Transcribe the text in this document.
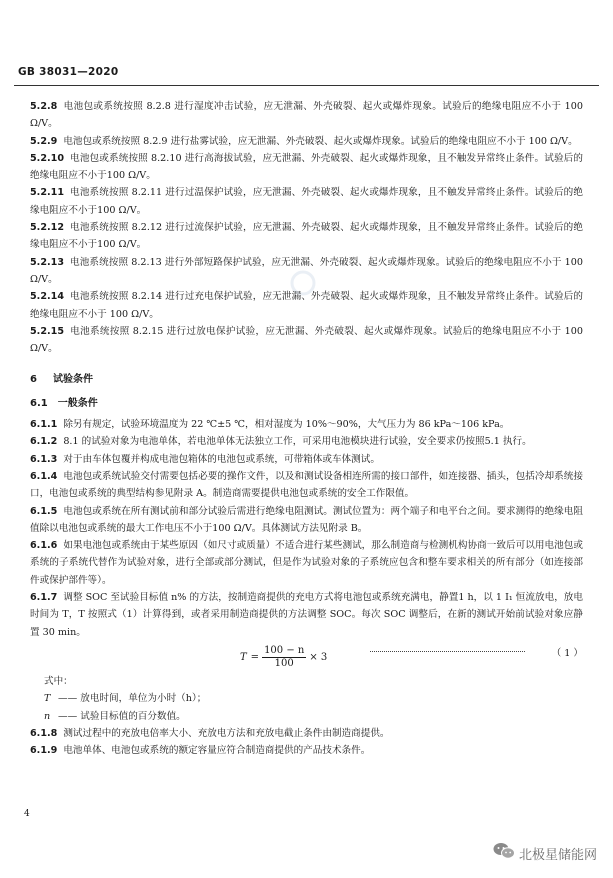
GB 38031—2020

5.2.8 电池包或系统按照 8.2.8 进行湿度冲击试验，应无泄漏、外壳破裂、起火或爆炸现象。试验后的绝缘电阻应不小于 100 Ω/V。

5.2.9 电池包或系统按照 8.2.9 进行盐雾试验，应无泄漏、外壳破裂、起火或爆炸现象。试验后的绝缘电阻应不小于 100 Ω/V。

5.2.10 电池包或系统按照 8.2.10 进行高海拔试验，应无泄漏、外壳破裂、起火或爆炸现象，且不触发异常终止条件。试验后的绝缘电阻应不小于100 Ω/V。

5.2.11 电池系统按照 8.2.11 进行过温保护试验，应无泄漏、外壳破裂、起火或爆炸现象，且不触发异常终止条件。试验后的绝缘电阻应不小于100 Ω/V。

5.2.12 电池系统按照 8.2.12 进行过流保护试验，应无泄漏、外壳破裂、起火或爆炸现象，且不触发异常终止条件。试验后的绝缘电阻应不小于100 Ω/V。

5.2.13 电池系统按照 8.2.13 进行外部短路保护试验，应无泄漏、外壳破裂、起火或爆炸现象。试验后的绝缘电阻应不小于 100 Ω/V。

5.2.14 电池系统按照 8.2.14 进行过充电保护试验，应无泄漏、外壳破裂、起火或爆炸现象，且不触发异常终止条件。试验后的绝缘电阻应不小于 100 Ω/V。

5.2.15 电池系统按照 8.2.15 进行过放电保护试验，应无泄漏、外壳破裂、起火或爆炸现象。试验后的绝缘电阻应不小于 100 Ω/V。

6 试验条件
6.1 一般条件

6.1.1 除另有规定，试验环境温度为 22 ℃±5 ℃，相对湿度为 10%～90%，大气压力为 86 kPa～106 kPa。

6.1.2 8.1 的试验对象为电池单体，若电池单体无法独立工作，可采用电池模块进行试验，安全要求仍按照5.1 执行。

6.1.3 对于由车体包覆并构成电池包箱体的电池包或系统，可带箱体或车体测试。

6.1.4 电池包或系统试验交付需要包括必要的操作文件，以及和测试设备相连所需的接口部件，如连接器、插头，包括冷却系统接口，电池包或系统的典型结构参见附录 A。制造商需要提供电池包或系统的安全工作限值。

6.1.5 电池包或系统在所有测试前和部分试验后需进行绝缘电阻测试。测试位置为：两个端子和电平台之间。要求测得的绝缘电阻值除以电池包或系统的最大工作电压不小于100 Ω/V。具体测试方法见附录 B。

6.1.6 如果电池包或系统由于某些原因（如尺寸或质量）不适合进行某些测试，那么制造商与检测机构协商一致后可以用电池包或系统的子系统代替作为试验对象，进行全部或部分测试，但是作为试验对象的子系统应包含和整车要求相关的所有部分（如连接部件或保护部件等）。

6.1.7 调整 SOC 至试验目标值 n% 的方法，按制造商提供的充电方式将电池包或系统充满电，静置1 h，以 1 I₁ 恒流放电，放电时间为 T，T 按照式（1）计算得到，或者采用制造商提供的方法调整 SOC。每次 SOC 调整后，在新的测试开始前试验对象应静置 30 min。

$T = \frac{100 - n}{100} \times 3$	（ 1 ）

式中：

T —— 放电时间，单位为小时（h）；

n —— 试验目标值的百分数值。

6.1.8 测试过程中的充放电倍率大小、充放电方法和充放电截止条件由制造商提供。

6.1.9 电池单体、电池包或系统的额定容量应符合制造商提供的产品技术条件。

4
北极星储能网
